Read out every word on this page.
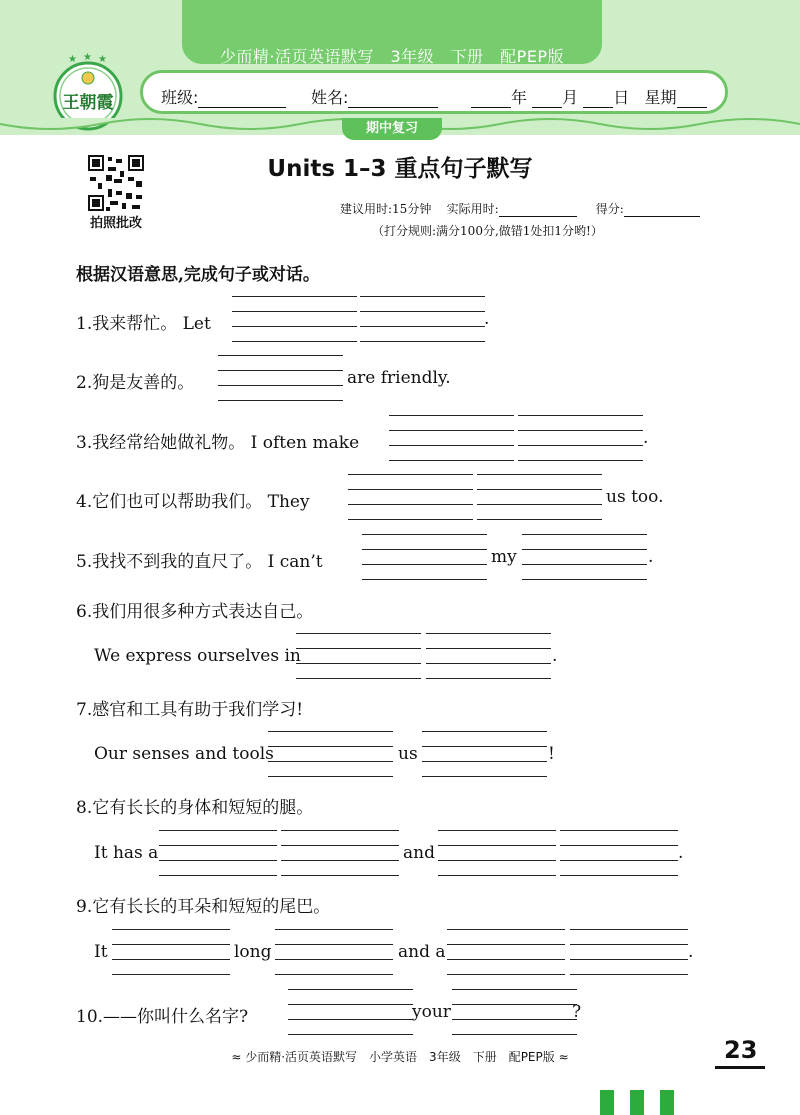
少而精·活页英语默写　3年级　下册　配PEP版
★ ★ ★
王朝霞	班级:	姓名:	年 月 日 星期
期中复习
拍照批改
Units 1–3 重点句子默写
建议用时:15分钟 实际用时:	得分:
（打分规则:满分100分,做错1处扣1分哟!）
根据汉语意思,完成句子或对话。
1.我来帮忙。 Let	.
2.狗是友善的。	are friendly.
3.我经常给她做礼物。 I often make	.
4.它们也可以帮助我们。 They	us too.
5.我找不到我的直尺了。 I can’t	my	.
6.我们用很多种方式表达自己。
We express ourselves in	.
7.感官和工具有助于我们学习!
Our senses and tools	us	!
8.它有长长的身体和短短的腿。
It has a	and	.
9.它有长长的耳朵和短短的尾巴。
It	long	and a	.
10.——你叫什么名字?	your	?
≈ 少而精·活页英语默写　小学英语　3年级　下册　配PEP版 ≈	23
